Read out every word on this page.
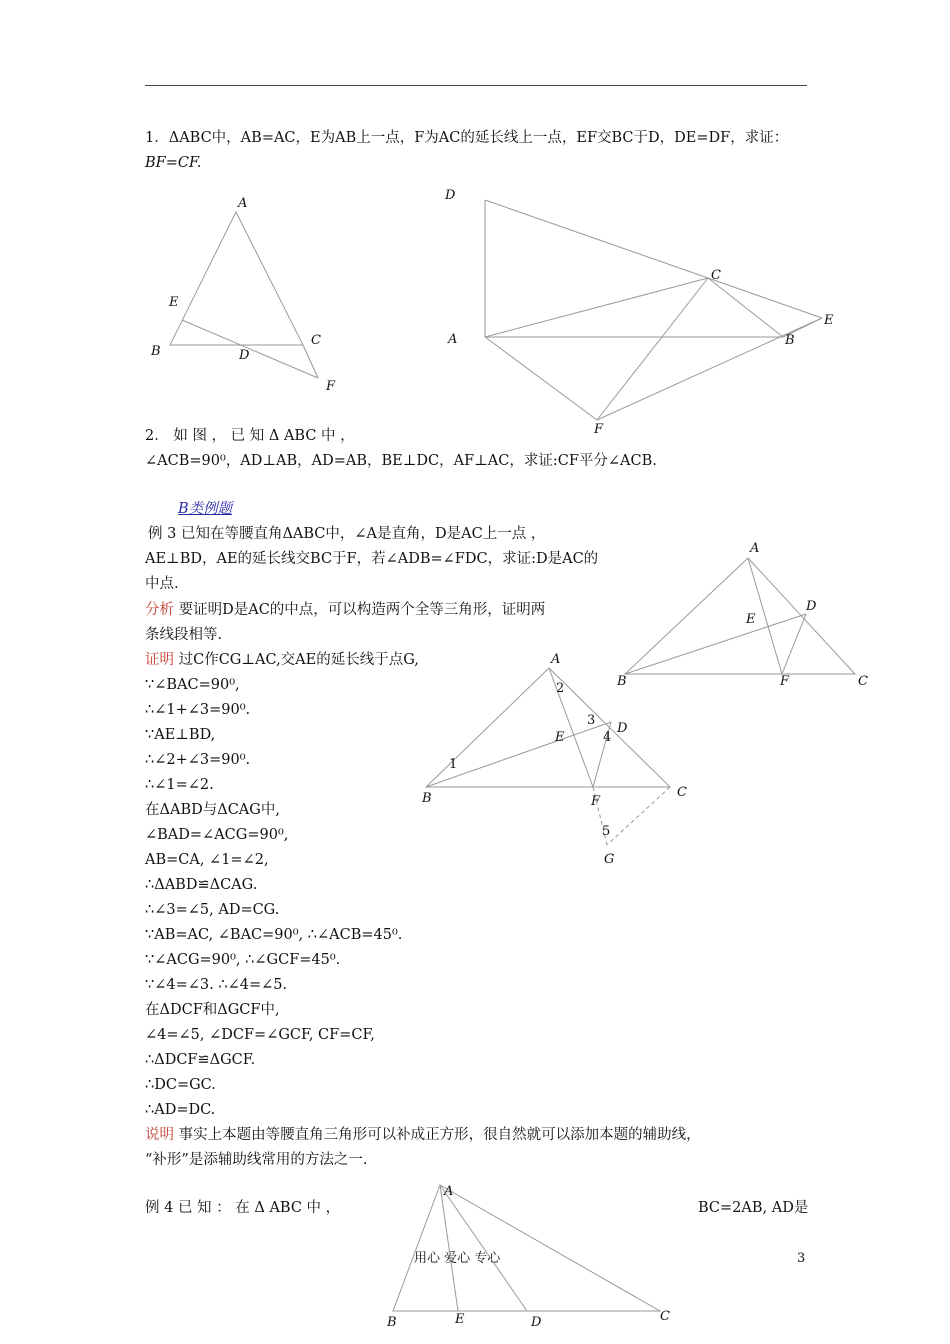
1．ΔABC中，AB=AC，E为AB上一点，F为AC的延长线上一点，EF交BC于D，DE=DF，求证：
BF=CF.
2． 如 图 ， 已 知 Δ ABC 中 ，
∠ACB=90⁰，AD⊥AB，AD=AB，BE⊥DC，AF⊥AC，求证:CF平分∠ACB.
B类例题
例 3 已知在等腰直角ΔABC中，∠A是直角，D是AC上一点 ，
AE⊥BD，AE的延长线交BC于F，若∠ADB=∠FDC，求证:D是AC的
中点.
分析 要证明D是AC的中点，可以构造两个全等三角形，证明两
条线段相等.
证明 过C作CG⊥AC,交AE的延长线于点G,
∵∠BAC=90⁰,
∴∠1+∠3=90⁰.
∵AE⊥BD,
∴∠2+∠3=90⁰.
∴∠1=∠2.
在ΔABD与ΔCAG中,
∠BAD=∠ACG=90⁰,
AB=CA, ∠1=∠2,
∴ΔABD≌ΔCAG.
∴∠3=∠5, AD=CG.
∵AB=AC, ∠BAC=90⁰, ∴∠ACB=45⁰.
∵∠ACG=90⁰, ∴∠GCF=45⁰.
∵∠4=∠3. ∴∠4=∠5.
在ΔDCF和ΔGCF中,
∠4=∠5, ∠DCF=∠GCF, CF=CF,
∴ΔDCF≌ΔGCF.
∴DC=GC.
∴AD=DC.
说明 事实上本题由等腰直角三角形可以补成正方形，很自然就可以添加本题的辅助线，
“补形”是添辅助线常用的方法之一.
例 4 已 知 ： 在 Δ ABC 中 ，	BC=2AB, AD是
用心 爱心 专心	3
A
B
C
D
E
F
D
A
C
B
E
F
A
B	C
D
E
F
A
B	C
D
E
F
G
1
2
3
4
5
A
B	C
D
E
